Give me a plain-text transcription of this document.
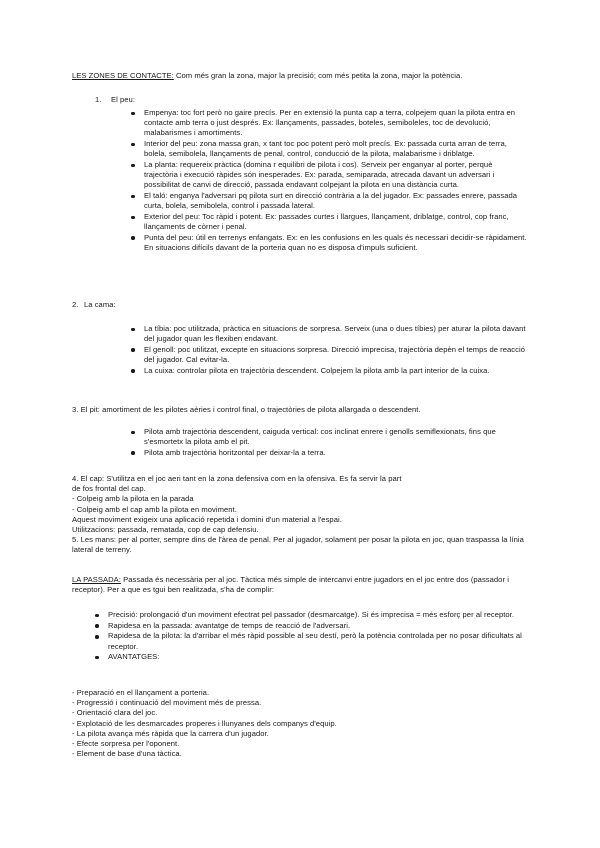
LES ZONES DE CONTACTE: Com més gran la zona, major la precisió; com més petita la zona, major la potència.

1.	El peu:
Empenya: toc fort però no gaire precís. Per en extensió la punta cap a terra, colpejem quan la pilota entra en contacte amb terra o just després. Ex: llançaments, passades, boteles, semiboleles, toc de devolució, malabarismes i amortiments.
Interior del peu: zona massa gran, x tant toc poc potent però molt precís. Ex: passada curta arran de terra, bolela, semibolela, llançaments de penal, control, conducció de la pilota, malabarisme i driblatge.
La planta: requereix pràctica (domina r equilibri de pilota i cos). Serveix per enganyar al porter, perquè trajectòria i execució ràpides són inesperades. Ex: parada, semiparada, atrecada davant un adversari i possibilitat de canvi de direcció, passada endavant colpejant la pilota en una distància curta.
El taló: enganya l'adversari pq pilota surt en direcció contrària a la del jugador. Ex: passades enrere, passada curta, bolela, semibolela, control i passada lateral.
Exterior del peu: Toc ràpid i potent. Ex: passades curtes i llargues, llançament, driblatge, control, cop franc, llançaments de còrner i penal.
Punta del peu: útil en terrenys enfangats. Ex: en les confusions en les quals és necessari decidir-se ràpidament. En situacions difícils davant de la porteria quan no es disposa d'impuls suficient.
2. La cama:
La tíbia: poc utilitzada, pràctica en situacions de sorpresa. Serveix (una o dues tíbies) per aturar la pilota davant del jugador quan les flexiben endavant.
El genoll: poc utilitzat, excepte en situacions sorpresa. Direcció imprecisa, trajectòria depèn el temps de reacció del jugador. Cal evitar-la.
La cuixa: controlar pilota en trajectòria descendent. Colpejem la pilota amb la part interior de la cuixa.

3. El pit: amortiment de les pilotes aèries i control final, o trajectòries de pilota allargada o descendent.

Pilota amb trajectòria descendent, caiguda vertical: cos inclinat enrere i genolls semiflexionats, fins que s'esmortetx la pilota amb el pit.
Pilota amb trajectòria horitzontal per deixar-la a terra.

4. El cap: S'utilitza en el joc aeri tant en la zona defensiva com en la ofensiva. Es fa servir la part

de fos frontal del cap.

- Colpeig amb la pilota en la parada

- Colpeig amb el cap amb la pilota en moviment.

Aquest moviment exigeix una aplicació repetida i domini d'un material a l'espai.

Utilitzacions: passada, rematada, cop de cap defensiu.

5. Les mans: per al porter, sempre dins de l'àrea de penal. Per al jugador, solament per posar la pilota en joc, quan traspassa la línia lateral de terreny.

LA PASSADA: Passada és necessària per al joc. Tàctica més simple de intercanvi entre jugadors en el joc entre dos (passador i receptor). Per a que es tgui ben realitzada, s'ha de complir:

Precisió: prolongació d'un moviment efectrat pel passador (desmarcatge). Si és imprecisa = més esforç per al receptor.
Rapidesa en la passada: avantatge de temps de reacció de l'adversari.
Rapidesa de la pilota: la d'arribar el més ràpid possible al seu destí, però la potència controlada per no posar dificultats al receptor.
AVANTATGES:

- Preparació en el llançament a porteria.

- Progressió i continuació del moviment més de pressa.

- Orientació clara del joc.

- Explotació de les desmarcades properes i llunyanes dels companys d'equip.

- La pilota avança més ràpida que la carrera d'un jugador.

- Efecte sorpresa per l'oponent.

- Element de base d'una tàctica.
